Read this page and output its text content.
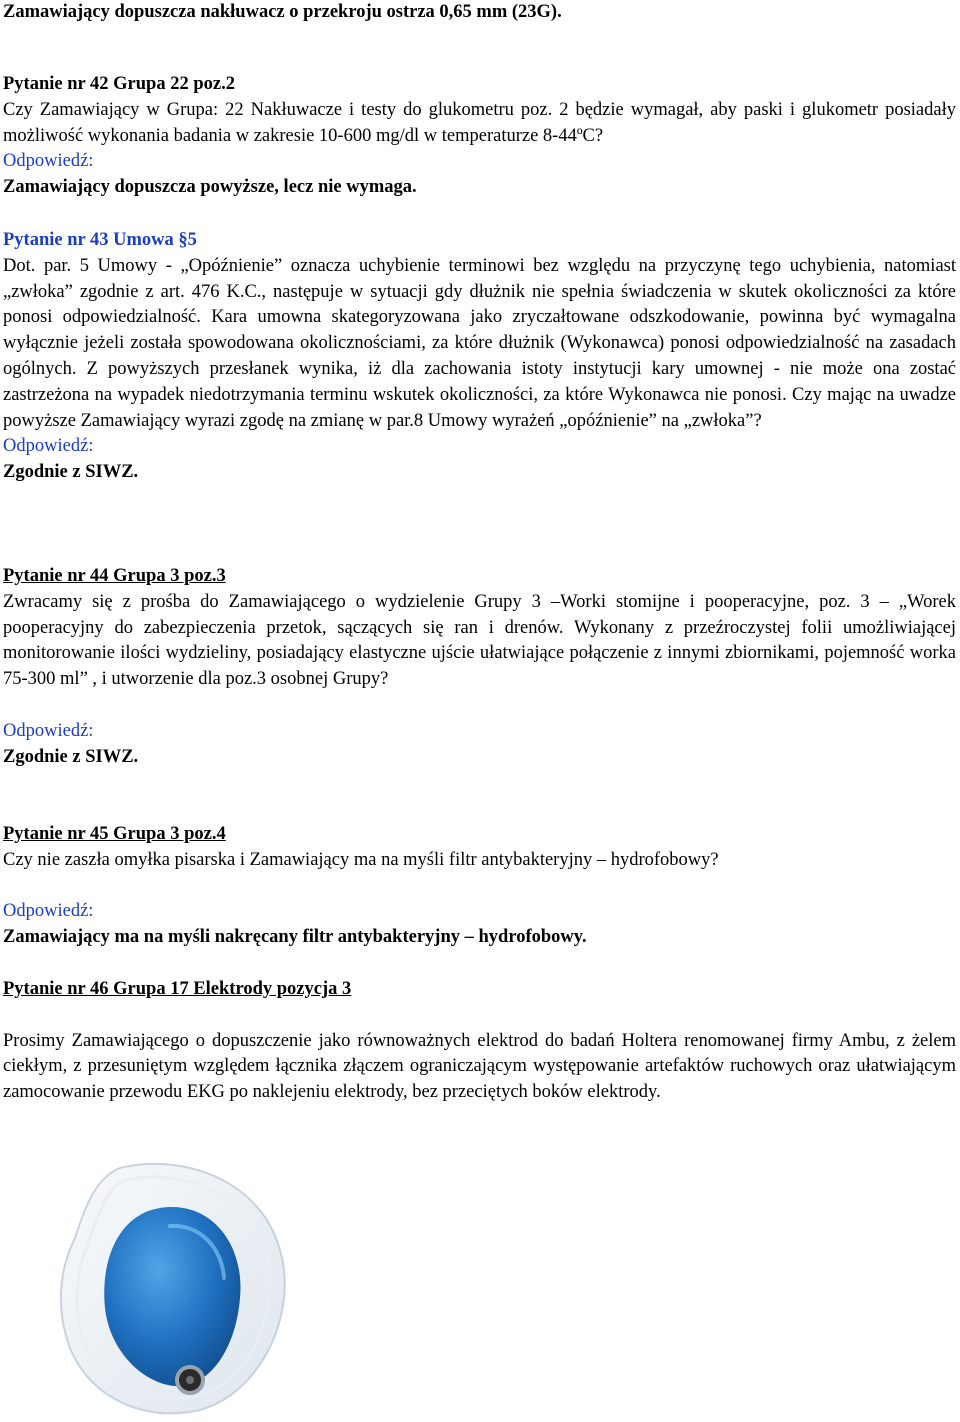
Zamawiający dopuszcza nakłuwacz o przekroju ostrza 0,65 mm (23G).

Pytanie nr 42 Grupa 22 poz.2

Czy Zamawiający w Grupa: 22 Nakłuwacze i testy do glukometru poz. 2 będzie wymagał, aby paski i glukometr posiadały możliwość wykonania badania w zakresie 10-600 mg/dl w temperaturze 8-44ºC?

Odpowiedź:

Zamawiający dopuszcza powyższe, lecz nie wymaga.

Pytanie nr 43 Umowa §5

Dot. par. 5 Umowy - „Opóźnienie” oznacza uchybienie terminowi bez względu na przyczynę tego uchybienia, natomiast „zwłoka” zgodnie z art. 476 K.C., następuje w sytuacji gdy dłużnik nie spełnia świadczenia w skutek okoliczności za które ponosi odpowiedzialność. Kara umowna skategoryzowana jako zryczałtowane odszkodowanie, powinna być wymagalna wyłącznie jeżeli została spowodowana okolicznościami, za które dłużnik (Wykonawca) ponosi odpowiedzialność na zasadach ogólnych. Z powyższych przesłanek wynika, iż dla zachowania istoty instytucji kary umownej - nie może ona zostać zastrzeżona na wypadek niedotrzymania terminu wskutek okoliczności, za które Wykonawca nie ponosi. Czy mając na uwadze powyższe Zamawiający wyrazi zgodę na zmianę w par.8 Umowy wyrażeń „opóźnienie” na „zwłoka”?

Odpowiedź:

Zgodnie z SIWZ.

Pytanie nr 44 Grupa 3 poz.3

Zwracamy się z prośba do Zamawiającego o wydzielenie Grupy 3 –Worki stomijne i pooperacyjne, poz. 3 – „Worek pooperacyjny do zabezpieczenia przetok, sączących się ran i drenów. Wykonany z przeźroczystej folii umożliwiającej monitorowanie ilości wydzieliny, posiadający elastyczne ujście ułatwiające połączenie z innymi zbiornikami, pojemność worka 75-300 ml” , i utworzenie dla poz.3 osobnej Grupy?

Odpowiedź:

Zgodnie z SIWZ.

Pytanie nr 45 Grupa 3 poz.4

Czy nie zaszła omyłka pisarska i Zamawiający ma na myśli filtr antybakteryjny – hydrofobowy?

Odpowiedź:

Zamawiający ma na myśli nakręcany filtr antybakteryjny – hydrofobowy.

Pytanie nr 46 Grupa 17 Elektrody pozycja 3

Prosimy Zamawiającego o dopuszczenie jako równoważnych elektrod do badań Holtera renomowanej firmy Ambu, z żelem ciekłym, z przesuniętym względem łącznika złączem ograniczającym występowanie artefaktów ruchowych oraz ułatwiającym zamocowanie przewodu EKG po naklejeniu elektrody, bez przeciętych boków elektrody.
